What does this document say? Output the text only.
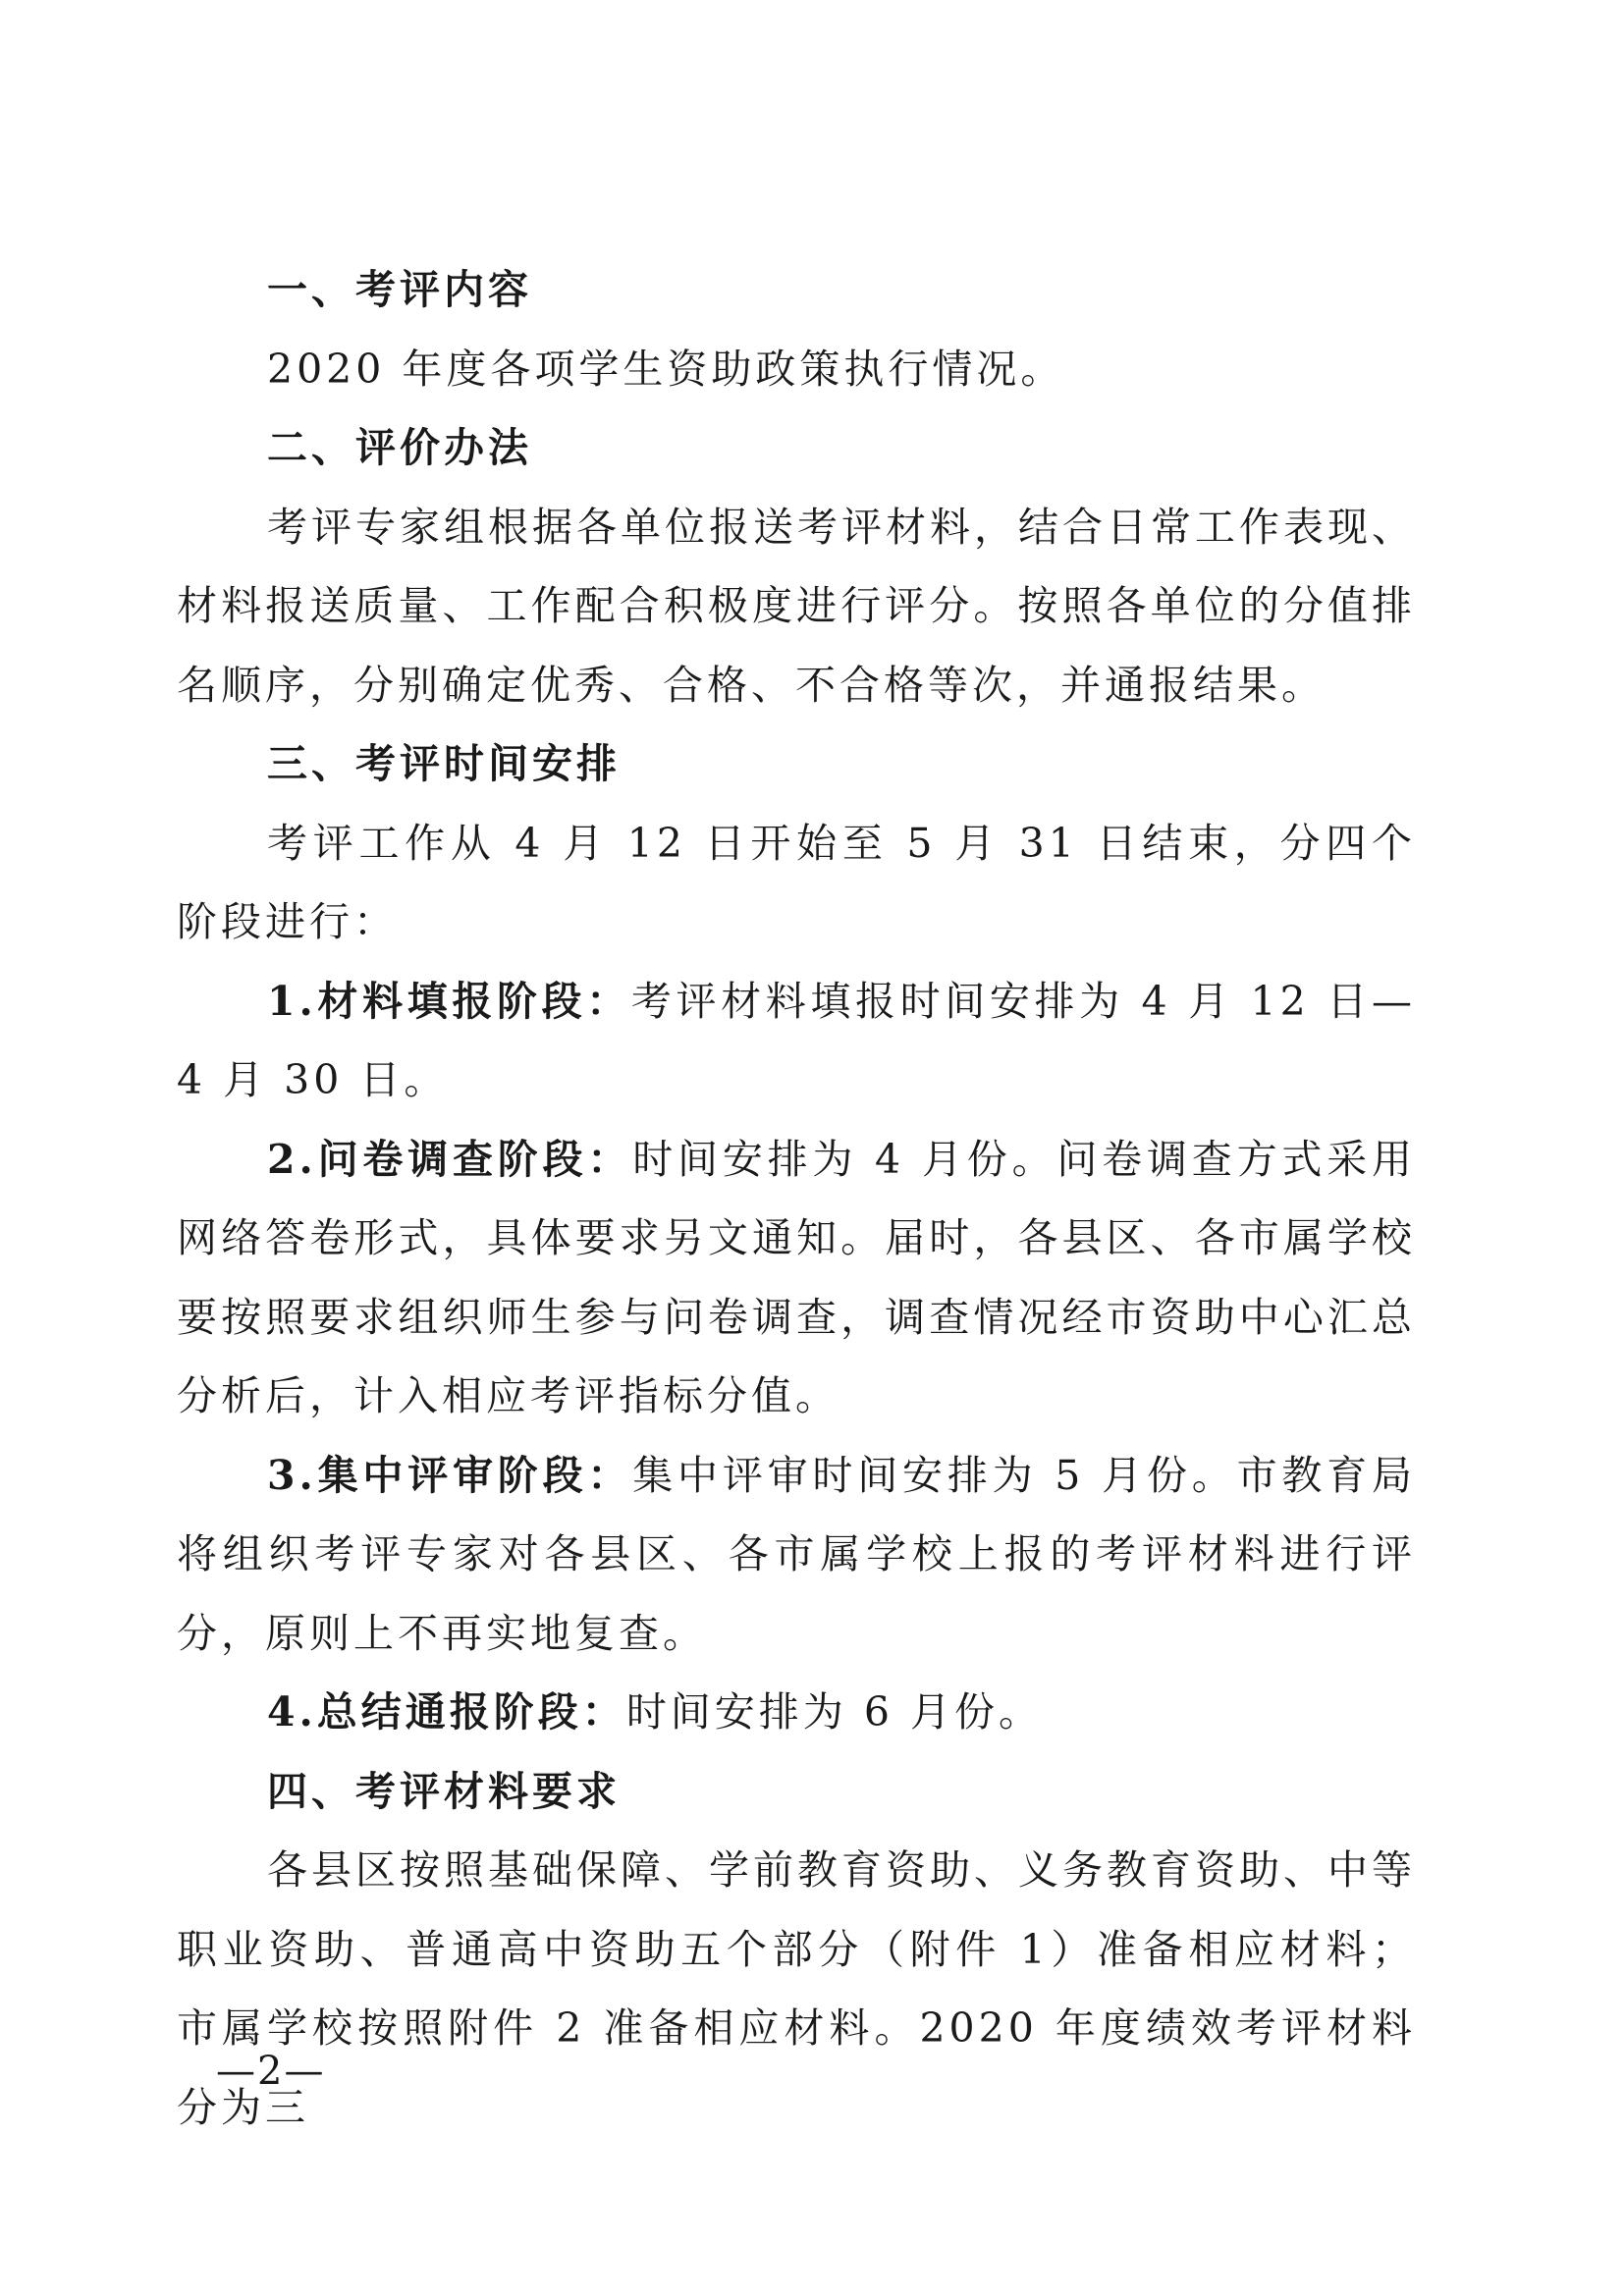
一、考评内容

2020 年度各项学生资助政策执行情况。

二、评价办法

考评专家组根据各单位报送考评材料，结合日常工作表现、材料报送质量、工作配合积极度进行评分。按照各单位的分值排名顺序，分别确定优秀、合格、不合格等次，并通报结果。

三、考评时间安排

考评工作从 4 月 12 日开始至 5 月 31 日结束，分四个阶段进行：

1.材料填报阶段：考评材料填报时间安排为 4 月 12 日—4 月 30 日。

2.问卷调查阶段：时间安排为 4 月份。问卷调查方式采用网络答卷形式，具体要求另文通知。届时，各县区、各市属学校要按照要求组织师生参与问卷调查，调查情况经市资助中心汇总分析后，计入相应考评指标分值。

3.集中评审阶段：集中评审时间安排为 5 月份。市教育局将组织考评专家对各县区、各市属学校上报的考评材料进行评分，原则上不再实地复查。

4.总结通报阶段：时间安排为 6 月份。

四、考评材料要求

各县区按照基础保障、学前教育资助、义务教育资助、中等职业资助、普通高中资助五个部分（附件 1）准备相应材料；市属学校按照附件 2 准备相应材料。2020 年度绩效考评材料分为三

—2—
